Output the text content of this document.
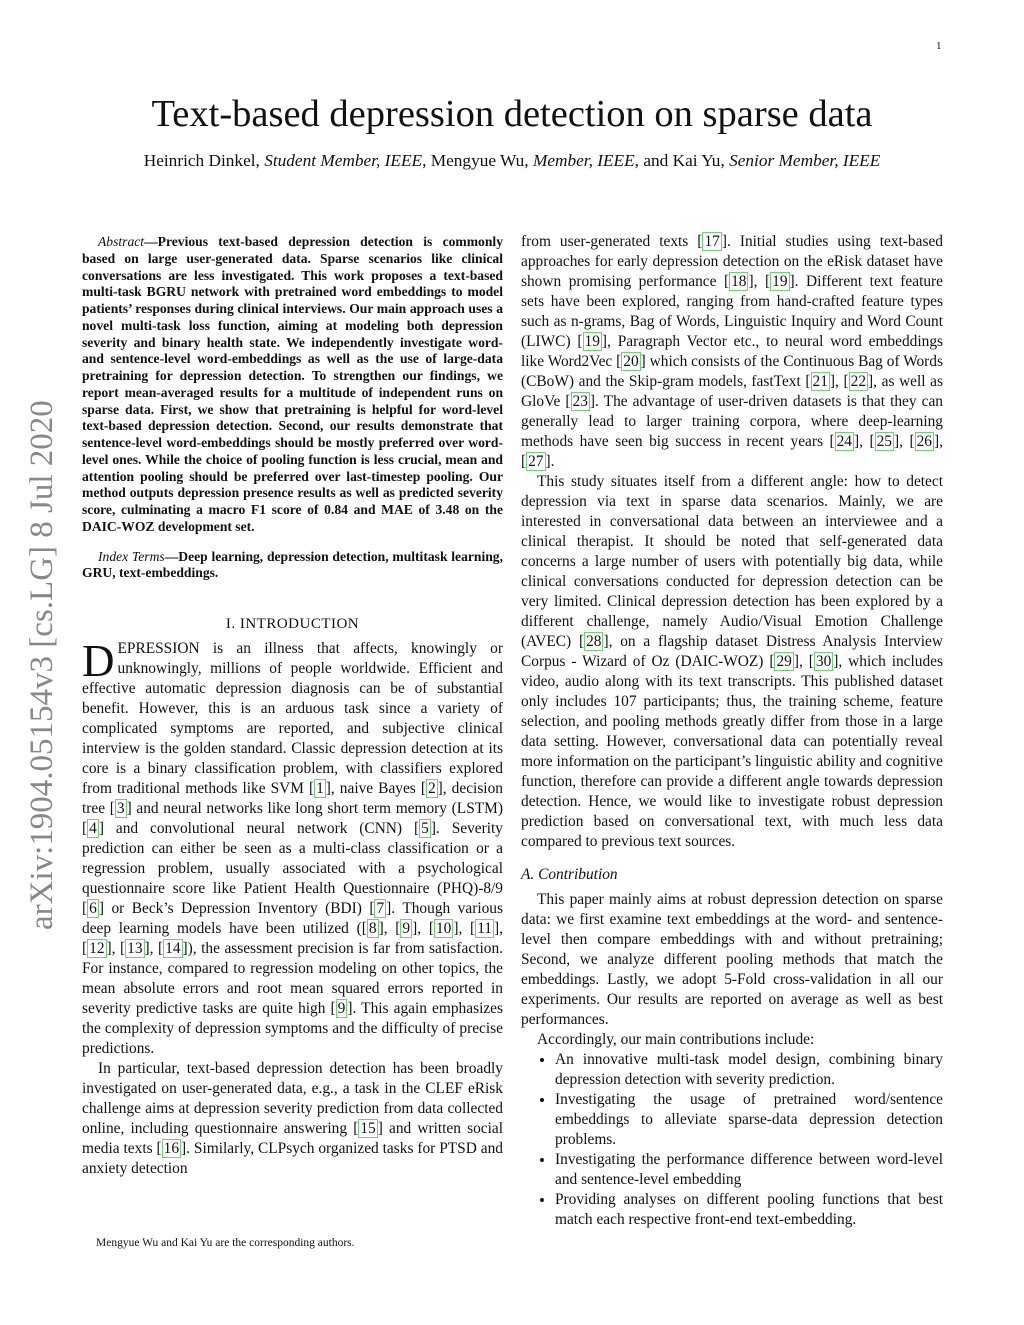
1
Text-based depression detection on sparse data
Heinrich Dinkel, Student Member, IEEE, Mengyue Wu, Member, IEEE, and Kai Yu, Senior Member, IEEE
arXiv:1904.05154v3 [cs.LG] 8 Jul 2020

Abstract—Previous text-based depression detection is commonly based on large user-generated data. Sparse scenarios like clinical conversations are less investigated. This work proposes a text-based multi-task BGRU network with pretrained word embeddings to model patients’ responses during clinical interviews. Our main approach uses a novel multi-task loss function, aiming at modeling both depression severity and binary health state. We independently investigate word- and sentence-level word-embeddings as well as the use of large-data pretraining for depression detection. To strengthen our findings, we report mean-averaged results for a multitude of independent runs on sparse data. First, we show that pretraining is helpful for word-level text-based depression detection. Second, our results demonstrate that sentence-level word-embeddings should be mostly preferred over word-level ones. While the choice of pooling function is less crucial, mean and attention pooling should be preferred over last-timestep pooling. Our method outputs depression presence results as well as predicted severity score, culminating a macro F1 score of 0.84 and MAE of 3.48 on the DAIC-WOZ development set.

Index Terms—Deep learning, depression detection, multitask learning, GRU, text-embeddings.

I. INTRODUCTION

DEPRESSION is an illness that affects, knowingly or unknowingly, millions of people worldwide. Efficient and effective automatic depression diagnosis can be of substantial benefit. However, this is an arduous task since a variety of complicated symptoms are reported, and subjective clinical interview is the golden standard. Classic depression detection at its core is a binary classification problem, with classifiers explored from traditional methods like SVM [ 1 ], naive Bayes [ 2 ], decision tree [ 3 ] and neural networks like long short term memory (LSTM) [ 4 ] and convolutional neural network (CNN) [ 5 ]. Severity prediction can either be seen as a multi-class classification or a regression problem, usually associated with a psychological questionnaire score like Patient Health Questionnaire (PHQ)-8/9 [ 6 ] or Beck’s Depression Inventory (BDI) [ 7 ]. Though various deep learning models have been utilized ([ 8 ], [ 9 ], [ 10 ], [ 11 ], [ 12 ], [ 13 ], [ 14 ]), the assessment precision is far from satisfaction. For instance, compared to regression modeling on other topics, the mean absolute errors and root mean squared errors reported in severity predictive tasks are quite high [ 9 ]. This again emphasizes the complexity of depression symptoms and the difficulty of precise predictions.

In particular, text-based depression detection has been broadly investigated on user-generated data, e.g., a task in the CLEF eRisk challenge aims at depression severity prediction from data collected online, including questionnaire answering [ 15 ] and written social media texts [ 16 ]. Similarly, CLPsych organized tasks for PTSD and anxiety detection

from user-generated texts [ 17 ]. Initial studies using text-based approaches for early depression detection on the eRisk dataset have shown promising performance [ 18 ], [ 19 ]. Different text feature sets have been explored, ranging from hand-crafted feature types such as n-grams, Bag of Words, Linguistic Inquiry and Word Count (LIWC) [ 19 ], Paragraph Vector etc., to neural word embeddings like Word2Vec [ 20 ] which consists of the Continuous Bag of Words (CBoW) and the Skip-gram models, fastText [ 21 ], [ 22 ], as well as GloVe [ 23 ]. The advantage of user-driven datasets is that they can generally lead to larger training corpora, where deep-learning methods have seen big success in recent years [ 24 ], [ 25 ], [ 26 ], [ 27 ].

This study situates itself from a different angle: how to detect depression via text in sparse data scenarios. Mainly, we are interested in conversational data between an interviewee and a clinical therapist. It should be noted that self-generated data concerns a large number of users with potentially big data, while clinical conversations conducted for depression detection can be very limited. Clinical depression detection has been explored by a different challenge, namely Audio/Visual Emotion Challenge (AVEC) [ 28 ], on a flagship dataset Distress Analysis Interview Corpus - Wizard of Oz (DAIC-WOZ) [ 29 ], [ 30 ], which includes video, audio along with its text transcripts. This published dataset only includes 107 participants; thus, the training scheme, feature selection, and pooling methods greatly differ from those in a large data setting. However, conversational data can potentially reveal more information on the participant’s linguistic ability and cognitive function, therefore can provide a different angle towards depression detection. Hence, we would like to investigate robust depression prediction based on conversational text, with much less data compared to previous text sources.

A. Contribution

This paper mainly aims at robust depression detection on sparse data: we first examine text embeddings at the word- and sentence- level then compare embeddings with and without pretraining; Second, we analyze different pooling methods that match the embeddings. Lastly, we adopt 5-Fold cross-validation in all our experiments. Our results are reported on average as well as best performances.

Accordingly, our main contributions include:

• An innovative multi-task model design, combining binary depression detection with severity prediction.
• Investigating the usage of pretrained word/sentence embeddings to alleviate sparse-data depression detection problems.
• Investigating the performance difference between word-level and sentence-level embedding
• Providing analyses on different pooling functions that best match each respective front-end text-embedding.
Mengyue Wu and Kai Yu are the corresponding authors.
